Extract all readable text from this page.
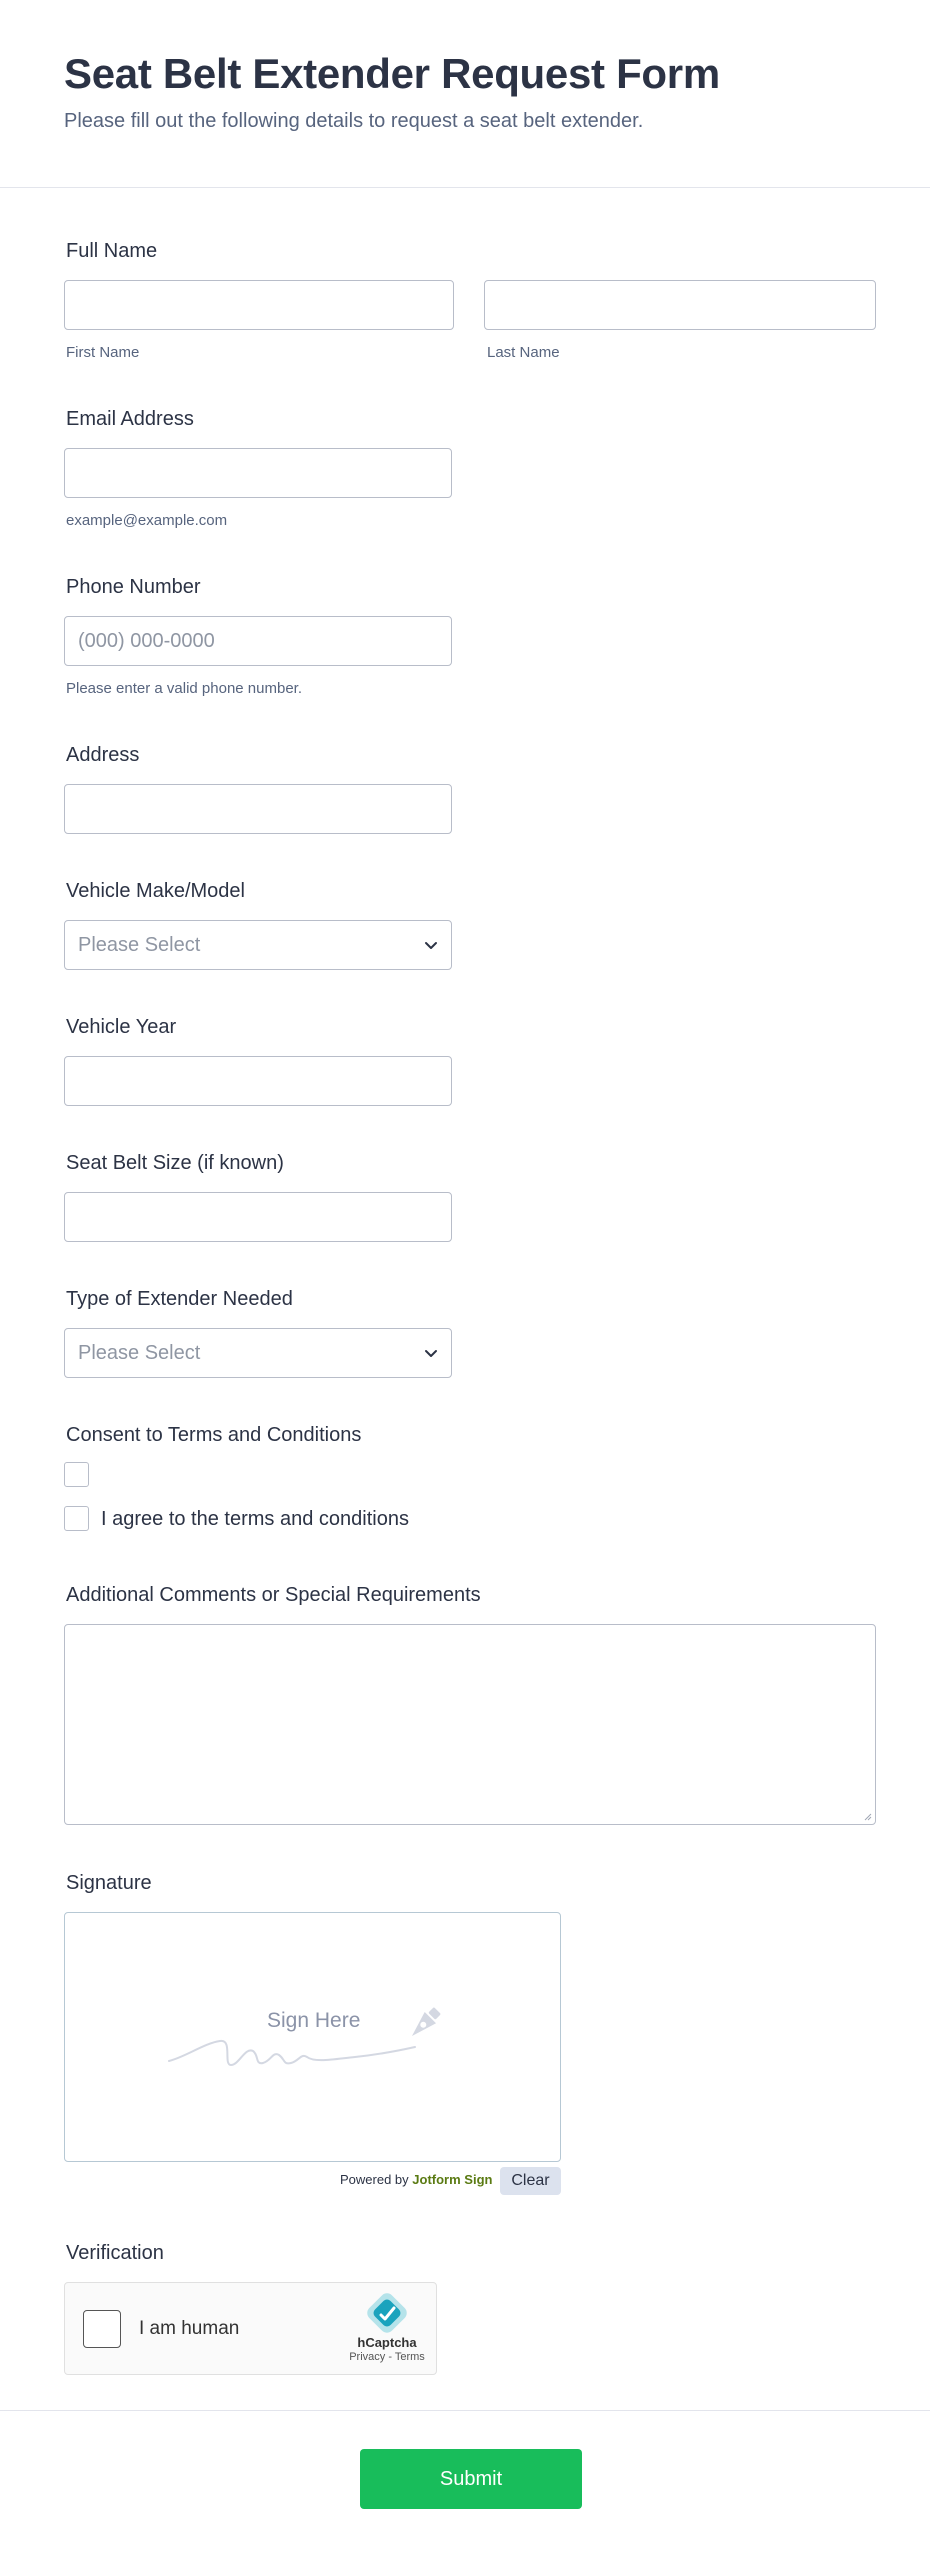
Seat Belt Extender Request Form
Please fill out the following details to request a seat belt extender.
Full Name
First Name	Last Name
Email Address
example@example.com
Phone Number
(000) 000-0000
Please enter a valid phone number.
Address
Vehicle Make/Model
Please Select
Vehicle Year
Seat Belt Size (if known)
Type of Extender Needed
Please Select
Consent to Terms and Conditions
I agree to the terms and conditions
Additional Comments or Special Requirements
Signature
Sign Here
Powered by Jotform Sign	Clear
Verification
I am human
hCaptcha
Privacy - Terms
Submit
